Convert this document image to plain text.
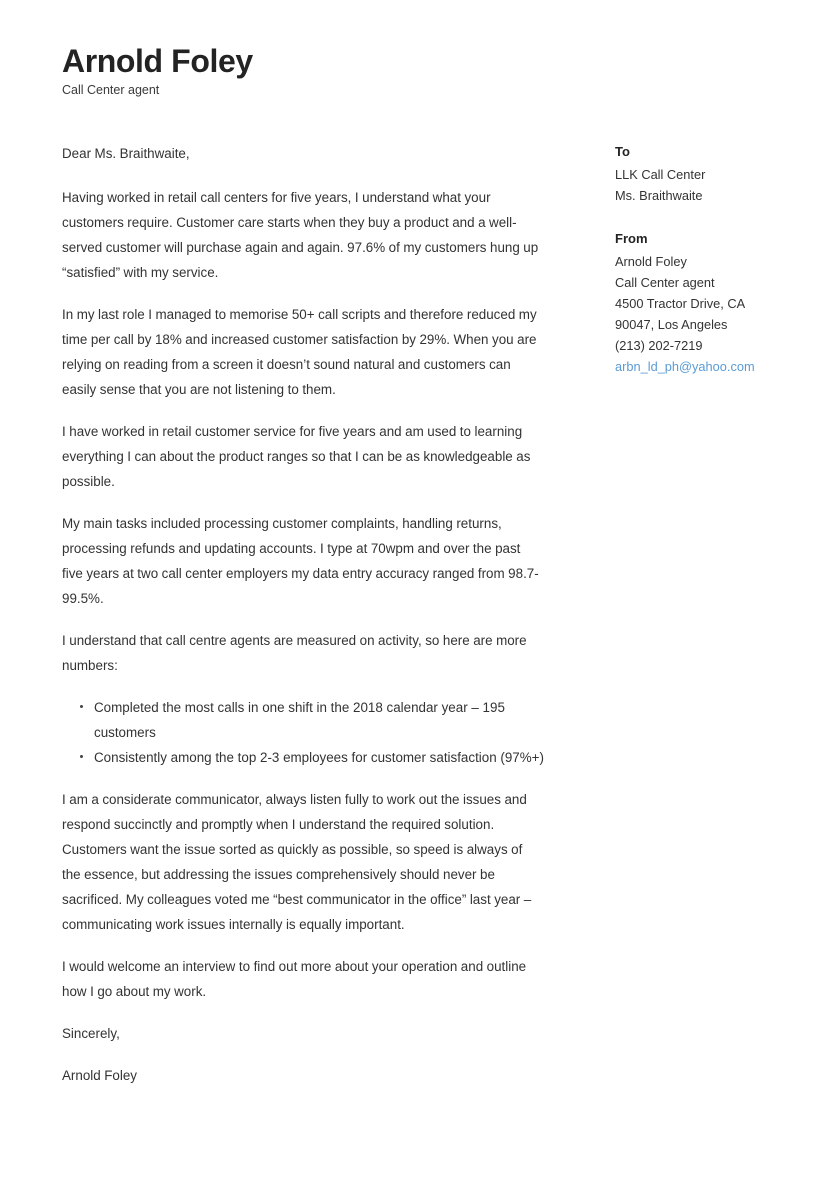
Arnold Foley

Call Center agent

Dear Ms. Braithwaite,

Having worked in retail call centers for five years, I understand what your customers require. Customer care starts when they buy a product and a well-served customer will purchase again and again. 97.6% of my customers hung up “satisfied” with my service.

In my last role I managed to memorise 50+ call scripts and therefore reduced my time per call by 18% and increased customer satisfaction by 29%. When you are relying on reading from a screen it doesn’t sound natural and customers can easily sense that you are not listening to them.

I have worked in retail customer service for five years and am used to learning everything I can about the product ranges so that I can be as knowledgeable as possible.

My main tasks included processing customer complaints, handling returns, processing refunds and updating accounts. I type at 70wpm and over the past five years at two call center employers my data entry accuracy ranged from 98.7-99.5%.

I understand that call centre agents are measured on activity, so here are more numbers:

Completed the most calls in one shift in the 2018 calendar year – 195 customers
Consistently among the top 2-3 employees for customer satisfaction (97%+)

I am a considerate communicator, always listen fully to work out the issues and respond succinctly and promptly when I understand the required solution. Customers want the issue sorted as quickly as possible, so speed is always of the essence, but addressing the issues comprehensively should never be sacrificed. My colleagues voted me “best communicator in the office” last year – communicating work issues internally is equally important.

I would welcome an interview to find out more about your operation and outline how I go about my work.

Sincerely,

Arnold Foley

To

LLK Call Center

Ms. Braithwaite

From

Arnold Foley

Call Center agent

4500 Tractor Drive, CA

90047, Los Angeles

(213) 202-7219

arbn_ld_ph@yahoo.com
